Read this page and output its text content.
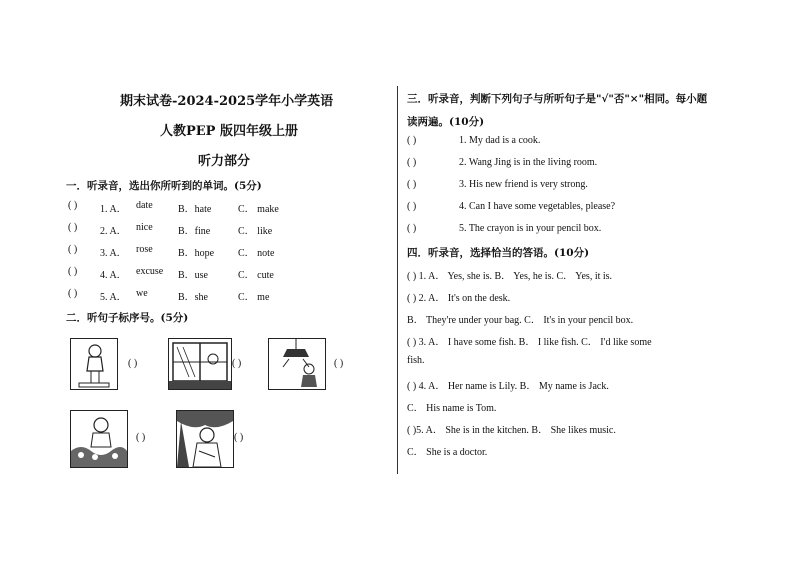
期末试卷-2024-2025学年小学英语
人教PEP 版四年级上册
听力部分
一．听录音，选出你所听到的单词。(5分)
( ) 1. A． date	B．hate	C． make
( ) 2. A． nice	B．fine	C． like
( ) 3. A． rose	B．hope C． note
( ) 4. A． excuse B．use	C． cute
( ) 5. A． we	B．she	C． me
二．听句子标序号。(5分)
( )	( )	( )
( )	( )
三．听录音，判断下列句子与所听句子是"√"否"×"相同。每小题
读两遍。(10分)
( )	1. My dad is a cook.
( )	2. Wang Jing is in the living room.
( )	3. His new friend is very strong.
( )	4. Can I have some vegetables, please?
( )	5. The crayon is in your pencil box.
四．听录音，选择恰当的答语。(10分)
( ) 1. A． Yes, she is. B． Yes, he is. C． Yes, it is.
( ) 2. A． It's on the desk.
B． They're under your bag. C． It's in your pencil box.
( ) 3. A． I have some fish. B． I like fish. C． I'd like some
fish.
( ) 4. A． Her name is Lily. B． My name is Jack.
C． His name is Tom.
( )5. A． She is in the kitchen. B． She likes music.
C． She is a doctor.
